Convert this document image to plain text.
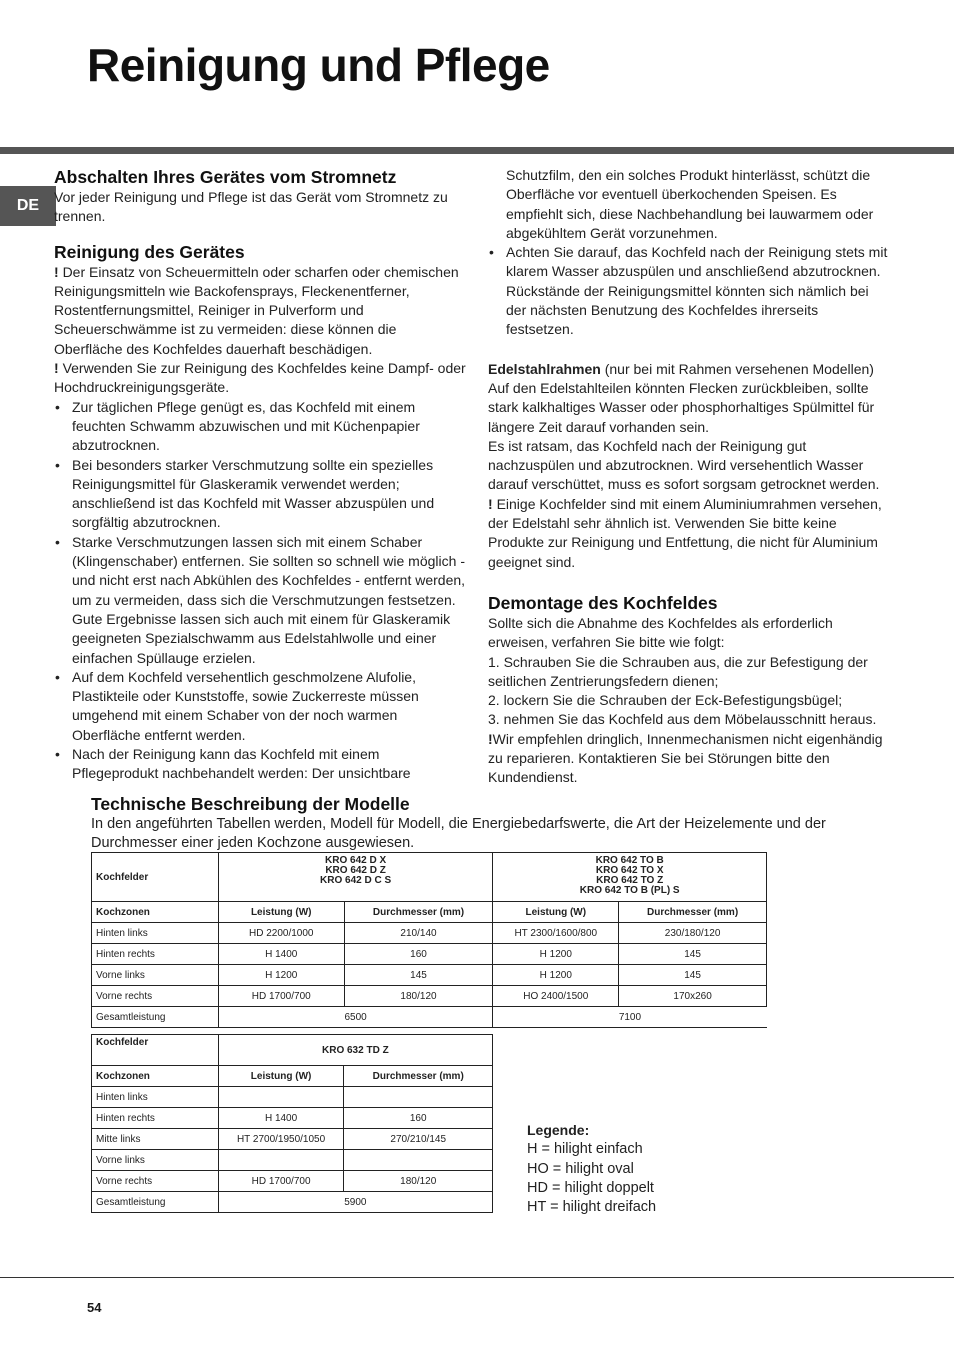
Reinigung und Pflege
DE
Abschalten Ihres Gerätes vom Stromnetz

Vor jeder Reinigung und Pflege ist das Gerät vom Stromnetz zu trennen.

Reinigung des Gerätes

! Der Einsatz von Scheuermitteln oder scharfen oder chemischen Reinigungsmitteln wie Backofensprays, Fleckenentferner, Rostentfernungsmittel, Reiniger in Pulverform und Scheuerschwämme ist zu vermeiden: diese können die Oberfläche des Kochfeldes dauerhaft beschädigen.

! Verwenden Sie zur Reinigung des Kochfeldes keine Dampf- oder Hochdruckreinigungsgeräte.

• Zur täglichen Pflege genügt es, das Kochfeld mit einem feuchten Schwamm abzuwischen und mit Küchenpapier abzutrocknen.
• Bei besonders starker Verschmutzung sollte ein spezielles Reinigungsmittel für Glaskeramik verwendet werden; anschließend ist das Kochfeld mit Wasser abzuspülen und sorgfältig abzutrocknen.
• Starke Verschmutzungen lassen sich mit einem Schaber (Klingenschaber) entfernen. Sie sollten so schnell wie möglich - und nicht erst nach Abkühlen des Kochfeldes - entfernt werden, um zu vermeiden, dass sich die Verschmutzungen festsetzen. Gute Ergebnisse lassen sich auch mit einem für Glaskeramik geeigneten Spezialschwamm aus Edelstahlwolle und einer einfachen Spüllauge erzielen.
• Auf dem Kochfeld versehentlich geschmolzene Alufolie, Plastikteile oder Kunststoffe, sowie Zuckerreste müssen umgehend mit einem Schaber von der noch warmen Oberfläche entfernt werden.
• Nach der Reinigung kann das Kochfeld mit einem Pflegeprodukt nachbehandelt werden: Der unsichtbare

Schutzfilm, den ein solches Produkt hinterlässt, schützt die Oberfläche vor eventuell überkochenden Speisen. Es empfiehlt sich, diese Nachbehandlung bei lauwarmem oder abgekühltem Gerät vorzunehmen.

• Achten Sie darauf, das Kochfeld nach der Reinigung stets mit klarem Wasser abzuspülen und anschließend abzutrocknen. Rückstände der Reinigungsmittel könnten sich nämlich bei der nächsten Benutzung des Kochfeldes ihrerseits festsetzen.

Edelstahlrahmen (nur bei mit Rahmen versehenen Modellen)

Auf den Edelstahlteilen könnten Flecken zurückbleiben, sollte stark kalkhaltiges Wasser oder phosphorhaltiges Spülmittel für längere Zeit darauf vorhanden sein.

Es ist ratsam, das Kochfeld nach der Reinigung gut nachzuspülen und abzutrocknen. Wird versehentlich Wasser darauf verschüttet, muss es sofort sorgsam getrocknet werden.

! Einige Kochfelder sind mit einem Aluminiumrahmen versehen, der Edelstahl sehr ähnlich ist. Verwenden Sie bitte keine Produkte zur Reinigung und Entfettung, die nicht für Aluminium geeignet sind.

Demontage des Kochfeldes

Sollte sich die Abnahme des Kochfeldes als erforderlich erweisen, verfahren Sie bitte wie folgt:

1. Schrauben Sie die Schrauben aus, die zur Befestigung der seitlichen Zentrierungsfedern dienen;

2. lockern Sie die Schrauben der Eck-Befestigungsbügel;

3. nehmen Sie das Kochfeld aus dem Möbelausschnitt heraus.

!Wir empfehlen dringlich, Innenmechanismen nicht eigenhändig zu reparieren. Kontaktieren Sie bei Störungen bitte den Kundendienst.

Technische Beschreibung der Modelle

In den angeführten Tabellen werden, Modell für Modell, die Energiebedarfswerte, die Art der Heizelemente und der Durchmesser einer jeden Kochzone ausgewiesen.

Kochfelder	KRO 642 D X
KRO 642 D Z
KRO 642 D C S		KRO 642 TO B
KRO 642 TO X
KRO 642 TO Z
KRO 642 TO B (PL) S	
Kochzonen	Leistung (W)	Durchmesser (mm)	Leistung (W)	Durchmesser (mm)
Hinten links	HD 2200/1000	210/140	HT 2300/1600/800	230/180/120
Hinten rechts	H 1400	160	H 1200	145
Vorne links	H 1200	145	H 1200	145
Vorne rechts	HD 1700/700	180/120	HO 2400/1500	170x260
Gesamtleistung	6500		7100	
Kochfelder	KRO 632 TD Z	
Kochzonen	Leistung (W)	Durchmesser (mm)
Hinten links		
Hinten rechts	H 1400	160
Mitte links	HT 2700/1950/1050	270/210/145
Vorne links		
Vorne rechts	HD 1700/700	180/120
Gesamtleistung	5900	
Legende:
H = hilight einfach
HO = hilight oval
HD = hilight doppelt
HT = hilight dreifach
54
